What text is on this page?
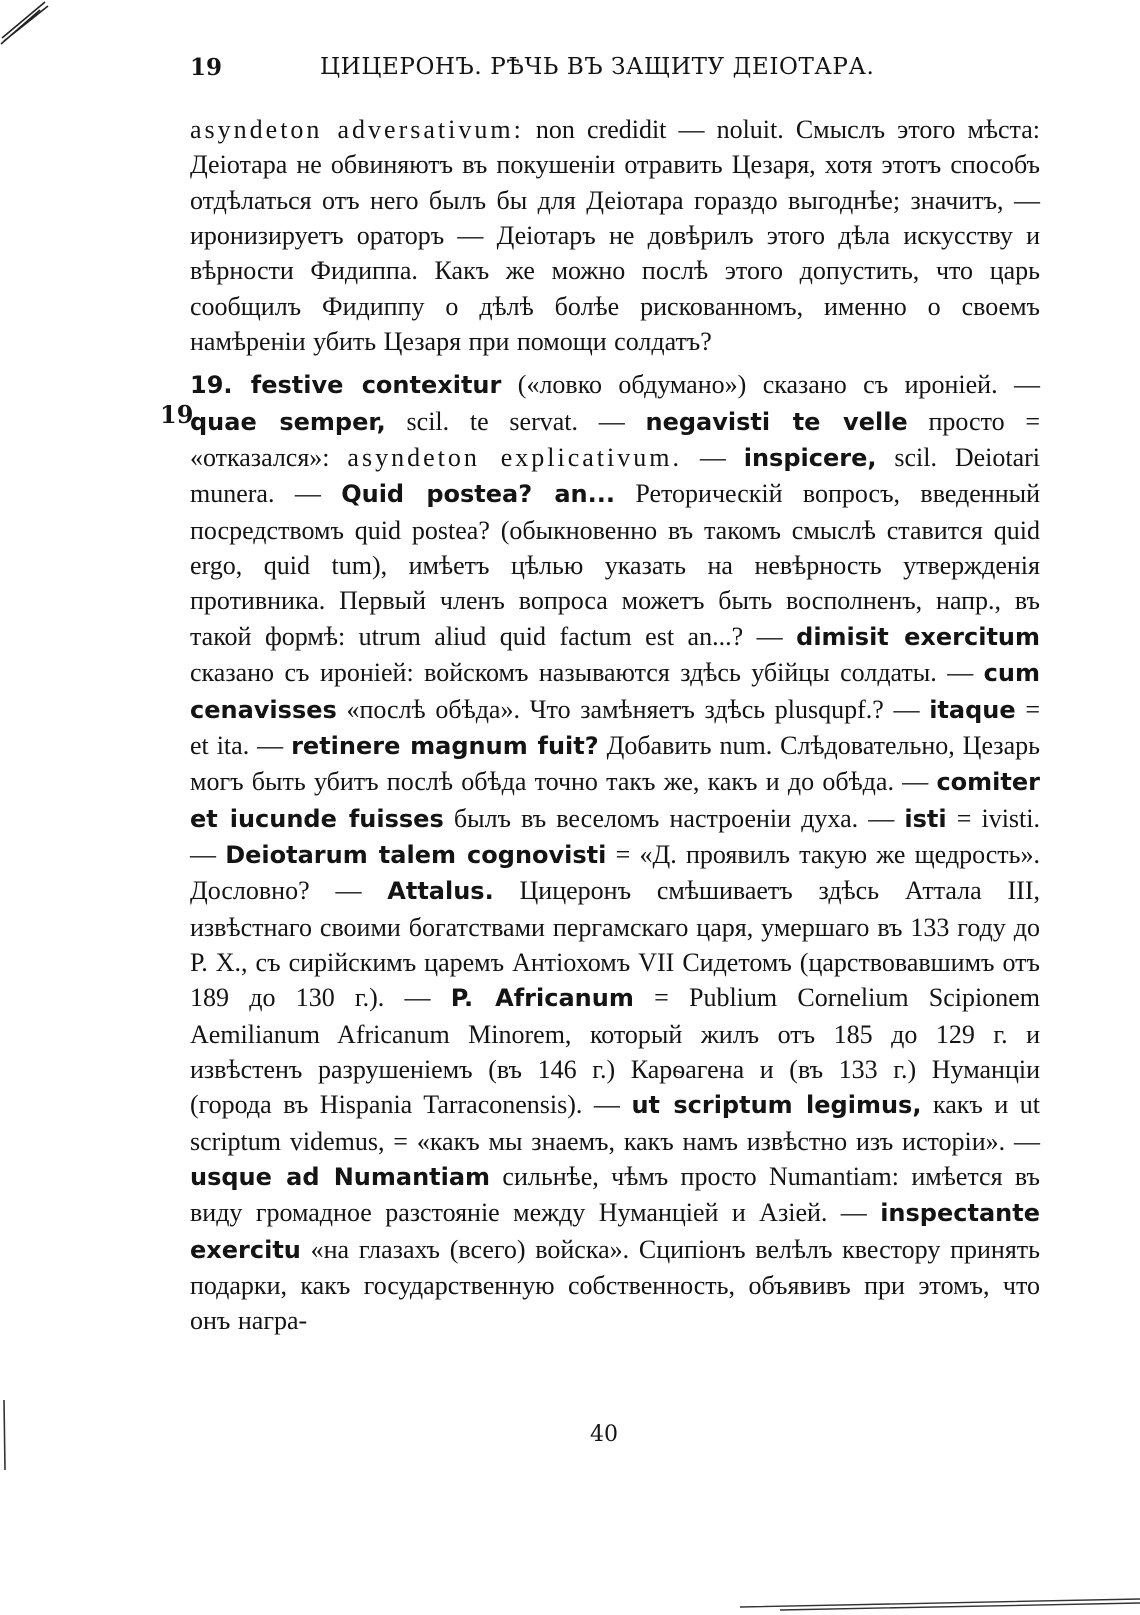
19	ЦИЦЕРОНЪ. РѢЧЬ ВЪ ЗАЩИТУ ДЕІОТАРА.
19

asyndeton adversativum: non credidit — noluit. Смыслъ этого мѣста: Деіотара не обвиняютъ въ покушеніи отравить Цезаря, хотя этотъ способъ отдѣлаться отъ него былъ бы для Деіотара гораздо выгоднѣе; значитъ, — иронизируетъ ораторъ — Деіотаръ не довѣрилъ этого дѣла искусству и вѣрности Фидиппа. Какъ же можно послѣ этого допустить, что царь сообщилъ Фидиппу о дѣлѣ болѣе рискованномъ, именно о своемъ намѣреніи убить Цезаря при помощи солдатъ?

19. festive contexitur («ловко обдумано») сказано съ ироніей. — quae semper, scil. te servat. — negavisti te velle просто = «отказался»: asyndeton explicativum. — inspicere, scil. Deiotari munera. — Quid postea? an... Реторическій вопросъ, введенный посредствомъ quid postea? (обыкновенно въ такомъ смыслѣ ставится quid ergo, quid tum), имѣетъ цѣлью указать на невѣрность утвержденія противника. Первый членъ вопроса можетъ быть восполненъ, напр., въ такой формѣ: utrum aliud quid factum est an...? — dimisit exercitum сказано съ ироніей: войскомъ называются здѣсь убійцы солдаты. — cum cenavisses «послѣ обѣда». Что замѣняетъ здѣсь plusqupf.? — itaque = et ita. — retinere magnum fuit? Добавить num. Слѣдовательно, Цезарь могъ быть убитъ послѣ обѣда точно такъ же, какъ и до обѣда. — comiter et iucunde fuisses былъ въ веселомъ настроеніи духа. — isti = ivisti. — Deiotarum talem cognovisti = «Д. проявилъ такую же щедрость». Дословно? — Attalus. Цицеронъ смѣшиваетъ здѣсь Аттала III, извѣстнаго своими богатствами пергамскаго царя, умершаго въ 133 году до Р. Х., съ сирійскимъ царемъ Антіохомъ VII Сидетомъ (царствовавшимъ отъ 189 до 130 г.). — P. Africanum = Publium Cornelium Scipionem Aemilianum Africanum Minorem, который жилъ отъ 185 до 129 г. и извѣстенъ разрушеніемъ (въ 146 г.) Карѳагена и (въ 133 г.) Нуманціи (города въ Hispania Tarraconensis). — ut scriptum legimus, какъ и ut scriptum videmus, = «какъ мы знаемъ, какъ намъ извѣстно изъ исторіи». — usque ad Numantiam сильнѣе, чѣмъ просто Numantiam: имѣется въ виду громадное разстояніе между Нуманціей и Азіей. — inspectante exercitu «на глазахъ (всего) войска». Сципіонъ велѣлъ квестору принять подарки, какъ государственную собственность, объявивъ при этомъ, что онъ награ-

40
